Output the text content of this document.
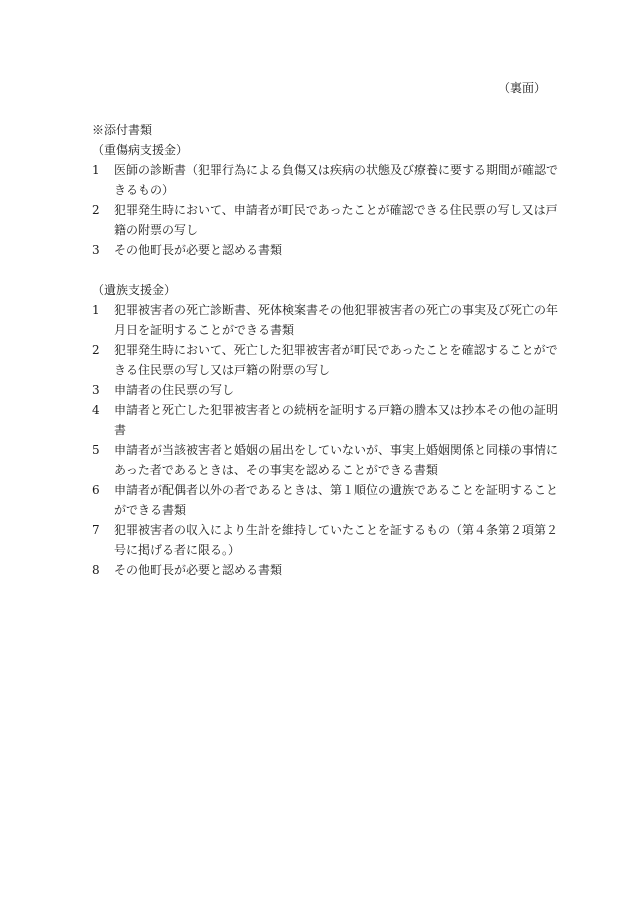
（裏面）

※添付書類

（重傷病支援金）

1	医師の診断書（犯罪行為による負傷又は疾病の状態及び療養に要する期間が確認できるもの）
2	犯罪発生時において、申請者が町民であったことが確認できる住民票の写し又は戸籍の附票の写し
3	その他町長が必要と認める書類

（遺族支援金）

1	犯罪被害者の死亡診断書、死体検案書その他犯罪被害者の死亡の事実及び死亡の年月日を証明することができる書類
2	犯罪発生時において、死亡した犯罪被害者が町民であったことを確認することができる住民票の写し又は戸籍の附票の写し
3	申請者の住民票の写し
4	申請者と死亡した犯罪被害者との続柄を証明する戸籍の謄本又は抄本その他の証明書
5	申請者が当該被害者と婚姻の届出をしていないが、事実上婚姻関係と同様の事情にあった者であるときは、その事実を認めることができる書類
6	申請者が配偶者以外の者であるときは、第１順位の遺族であることを証明することができる書類
7	犯罪被害者の収入により生計を維持していたことを証するもの（第４条第２項第２号に掲げる者に限る。）
8	その他町長が必要と認める書類
